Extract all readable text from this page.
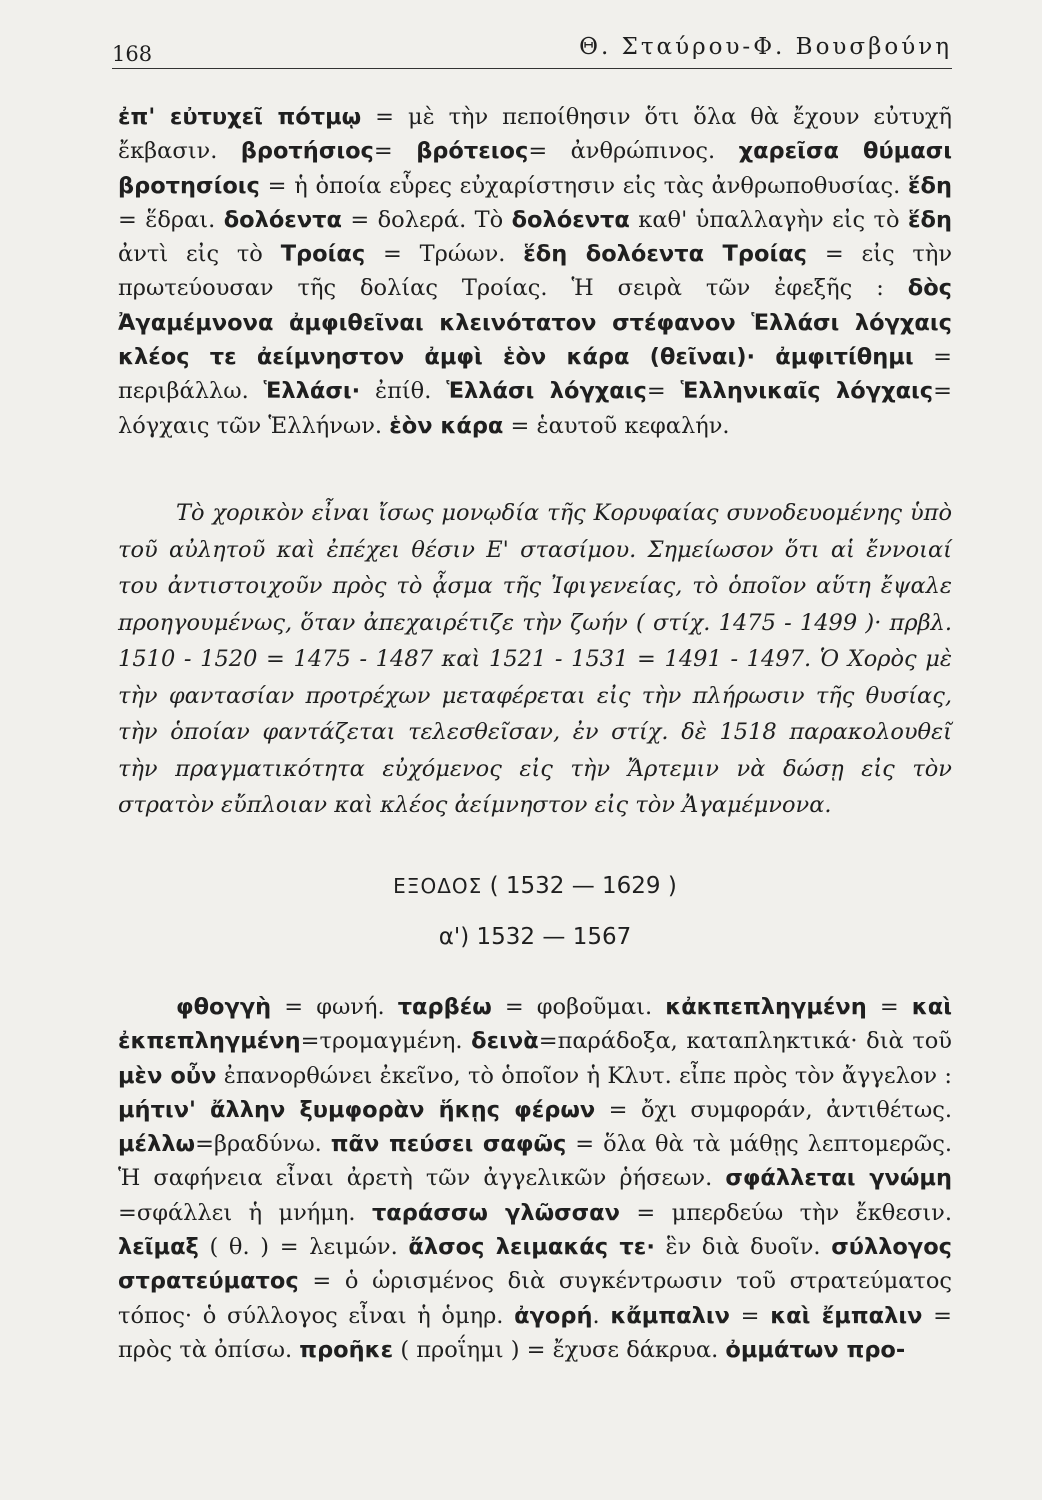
168	Θ. Σταύρου-Φ. Βουσβούνη

ἐπ' εὐτυχεῖ πότμῳ = μὲ τὴν πεποίθησιν ὅτι ὅλα θὰ ἔχουν εὐτυχῆ ἔκβασιν. βροτήσιος= βρότειος= ἀνθρώπινος. χαρεῖσα θύμασι βροτησίοις = ἡ ὁποία εὗρες εὐχαρίστησιν εἰς τὰς ἀνθρωποθυσίας. ἕδη = ἕδραι. δολόεντα = δολερά. Τὸ δολόεντα καθ' ὑπαλλαγὴν εἰς τὸ ἕδη ἀντὶ εἰς τὸ Τροίας = Τρώων. ἕδη δολόεντα Τροίας = εἰς τὴν πρωτεύουσαν τῆς δολίας Τροίας. Ἡ σειρὰ τῶν ἐφεξῆς : δὸς Ἀγαμέμνονα ἀμφιθεῖναι κλεινότατον στέφανον Ἑλλάσι λόγχαις κλέος τε ἀείμνηστον ἀμφὶ ἑὸν κάρα (θεῖναι)· ἀμφιτίθημι = περιβάλλω. Ἑλλάσι· ἐπίθ. Ἑλλάσι λόγχαις= Ἑλληνικαῖς λόγχαις= λόγχαις τῶν Ἑλλήνων. ἑὸν κάρα = ἑαυτοῦ κεφαλήν.

Τὸ χορικὸν εἶναι ἴσως μονῳδία τῆς Κορυφαίας συνοδευομένης ὑπὸ τοῦ αὐλητοῦ καὶ ἐπέχει θέσιν Ε' στασίμου. Σημείωσον ὅτι αἱ ἔννοιαί του ἀντιστοιχοῦν πρὸς τὸ ᾆσμα τῆς Ἰφιγενείας, τὸ ὁποῖον αὕτη ἔψαλε προηγουμένως, ὅταν ἀπεχαιρέτιζε τὴν ζωήν ( στίχ. 1475 - 1499 )· πρβλ. 1510 - 1520 = 1475 - 1487 καὶ 1521 - 1531 = 1491 - 1497. Ὁ Χορὸς μὲ τὴν φαντασίαν προτρέχων μεταφέρεται εἰς τὴν πλήρωσιν τῆς θυσίας, τὴν ὁποίαν φαντάζεται τελεσθεῖσαν, ἐν στίχ. δὲ 1518 παρακολουθεῖ τὴν πραγματικότητα εὐχόμενος εἰς τὴν Ἄρτεμιν νὰ δώσῃ εἰς τὸν στρατὸν εὔπλοιαν καὶ κλέος ἀείμνηστον εἰς τὸν Ἀγαμέμνονα.

ΕΞΟΔΟΣ ( 1532 — 1629 )
α') 1532 — 1567

φθογγὴ = φωνή. ταρβέω = φοβοῦμαι. κἀκπεπληγμένη = καὶ ἐκπεπληγμένη=τρομαγμένη. δεινὰ=παράδοξα, καταπληκτικά· διὰ τοῦ μὲν οὖν ἐπανορθώνει ἐκεῖνο, τὸ ὁποῖον ἡ Κλυτ. εἶπε πρὸς τὸν ἄγγελον : μήτιν' ἄλλην ξυμφορὰν ἥκῃς φέρων = ὄχι συμφοράν, ἀντιθέτως. μέλλω=βραδύνω. πᾶν πεύσει σαφῶς = ὅλα θὰ τὰ μάθῃς λεπτομερῶς. Ἡ σαφήνεια εἶναι ἀρετὴ τῶν ἀγγελικῶν ῥήσεων. σφάλλεται γνώμη =σφάλλει ἡ μνήμη. ταράσσω γλῶσσαν = μπερδεύω τὴν ἔκθεσιν. λεῖμαξ ( θ. ) = λειμών. ἄλσος λειμακάς τε· ἓν διὰ δυοῖν. σύλλογος στρατεύματος = ὁ ὡρισμένος διὰ συγκέντρωσιν τοῦ στρατεύματος τόπος· ὁ σύλλογος εἶναι ἡ ὁμηρ. ἀγορή. κἄμπαλιν = καὶ ἔμπαλιν = πρὸς τὰ ὀπίσω. προῆκε ( προΐημι ) = ἔχυσε δάκρυα. ὀμμάτων προ-
